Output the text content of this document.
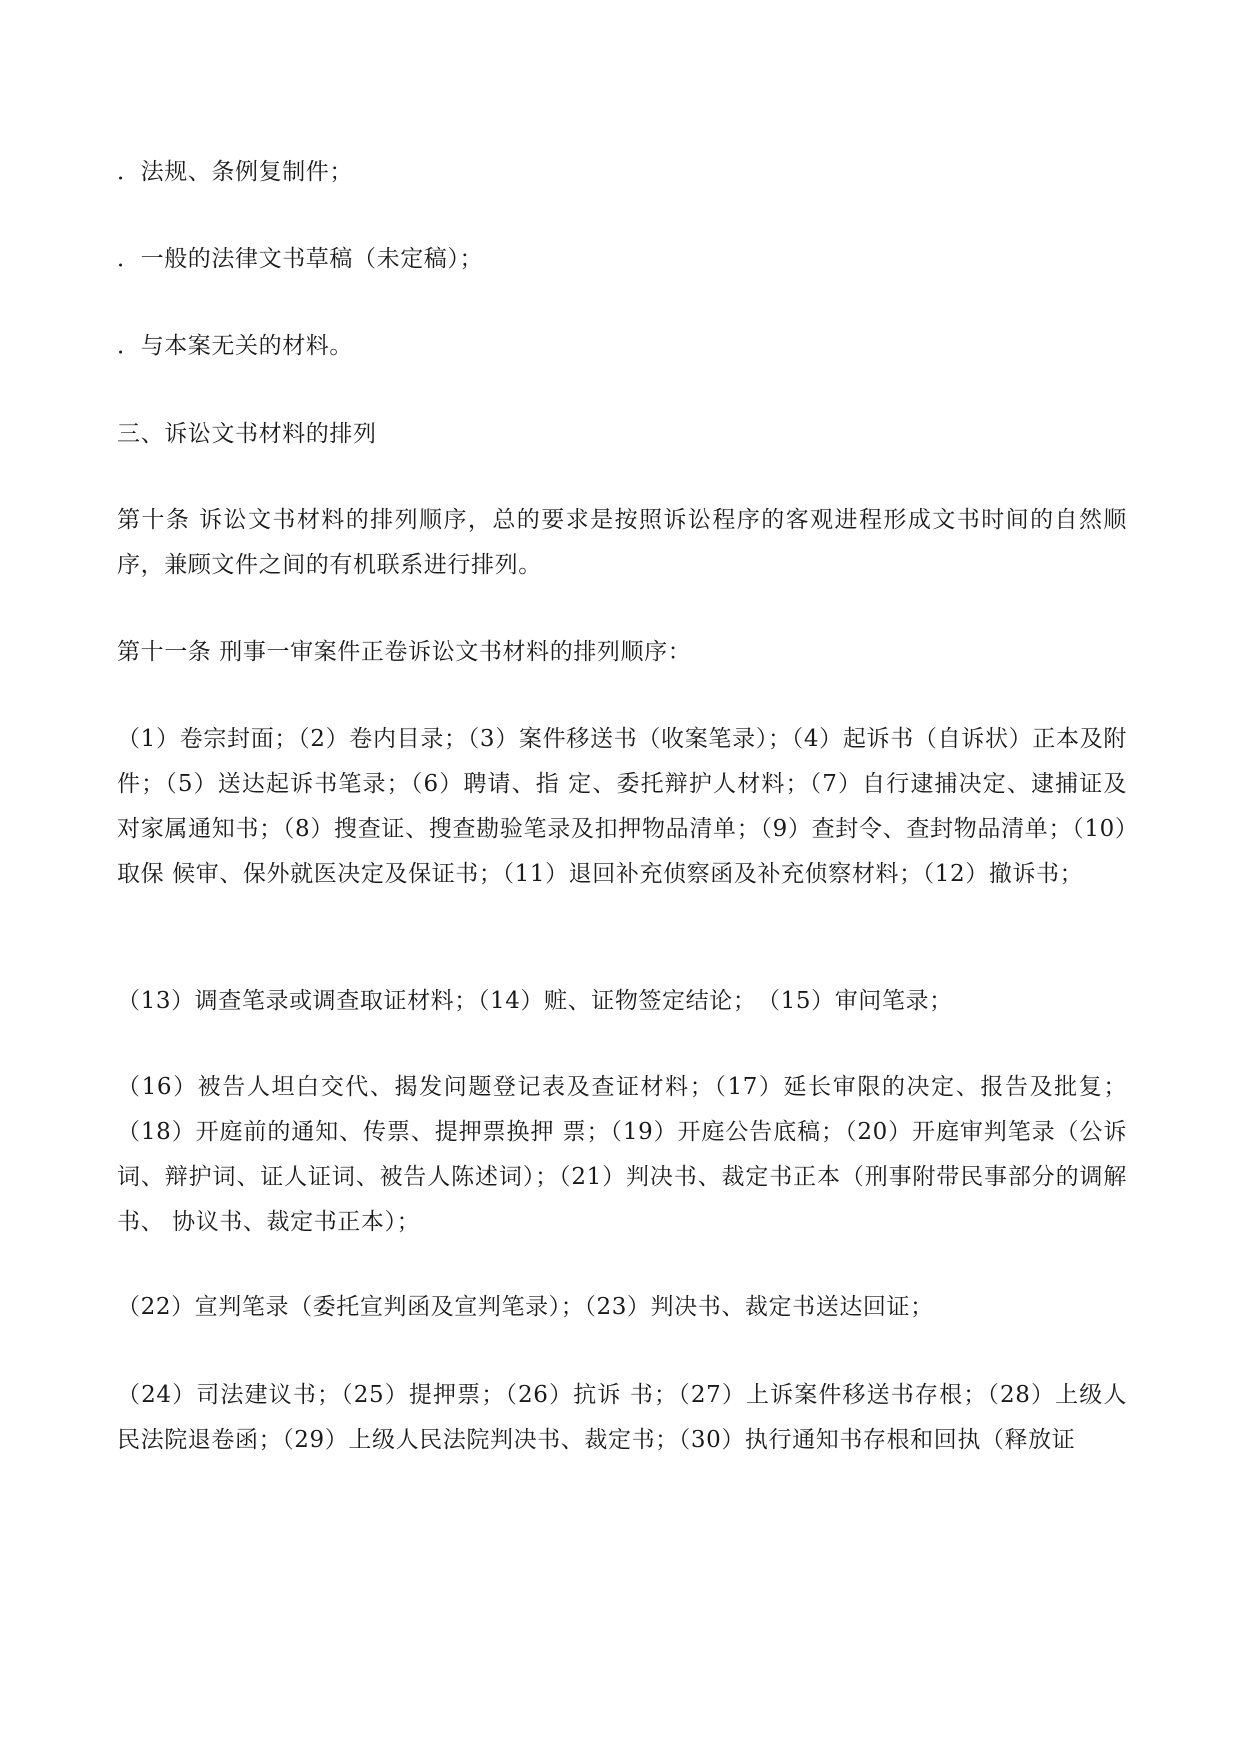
．法规、条例复制件；

．一般的法律文书草稿（未定稿）；

．与本案无关的材料。

三、诉讼文书材料的排列

第十条 诉讼文书材料的排列顺序，总的要求是按照诉讼程序的客观进程形成文书时间的自然顺序，兼顾文件之间的有机联系进行排列。

第十一条 刑事一审案件正卷诉讼文书材料的排列顺序：

（1）卷宗封面；（2）卷内目录；（3）案件移送书（收案笔录）；（4）起诉书（自诉状）正本及附件；（5）送达起诉书笔录；（6）聘请、指 定、委托辩护人材料；（7）自行逮捕决定、逮捕证及对家属通知书；（8）搜查证、搜查勘验笔录及扣押物品清单；（9）查封令、查封物品清单；（10）取保 候审、保外就医决定及保证书；（11）退回补充侦察函及补充侦察材料；（12）撤诉书；

（13）调查笔录或调查取证材料；（14）赃、证物签定结论；　（15）审问笔录；

（16）被告人坦白交代、揭发问题登记表及查证材料；（17）延长审限的决定、报告及批复；（18）开庭前的通知、传票、提押票换押 票；（19）开庭公告底稿；（20）开庭审判笔录（公诉词、辩护词、证人证词、被告人陈述词）；（21）判决书、裁定书正本（刑事附带民事部分的调解书、 协议书、裁定书正本）；

（22）宣判笔录（委托宣判函及宣判笔录）；（23）判决书、裁定书送达回证；

（24）司法建议书；（25）提押票；（26）抗诉 书；（27）上诉案件移送书存根；（28）上级人民法院退卷函；（29）上级人民法院判决书、裁定书；（30）执行通知书存根和回执（释放证
